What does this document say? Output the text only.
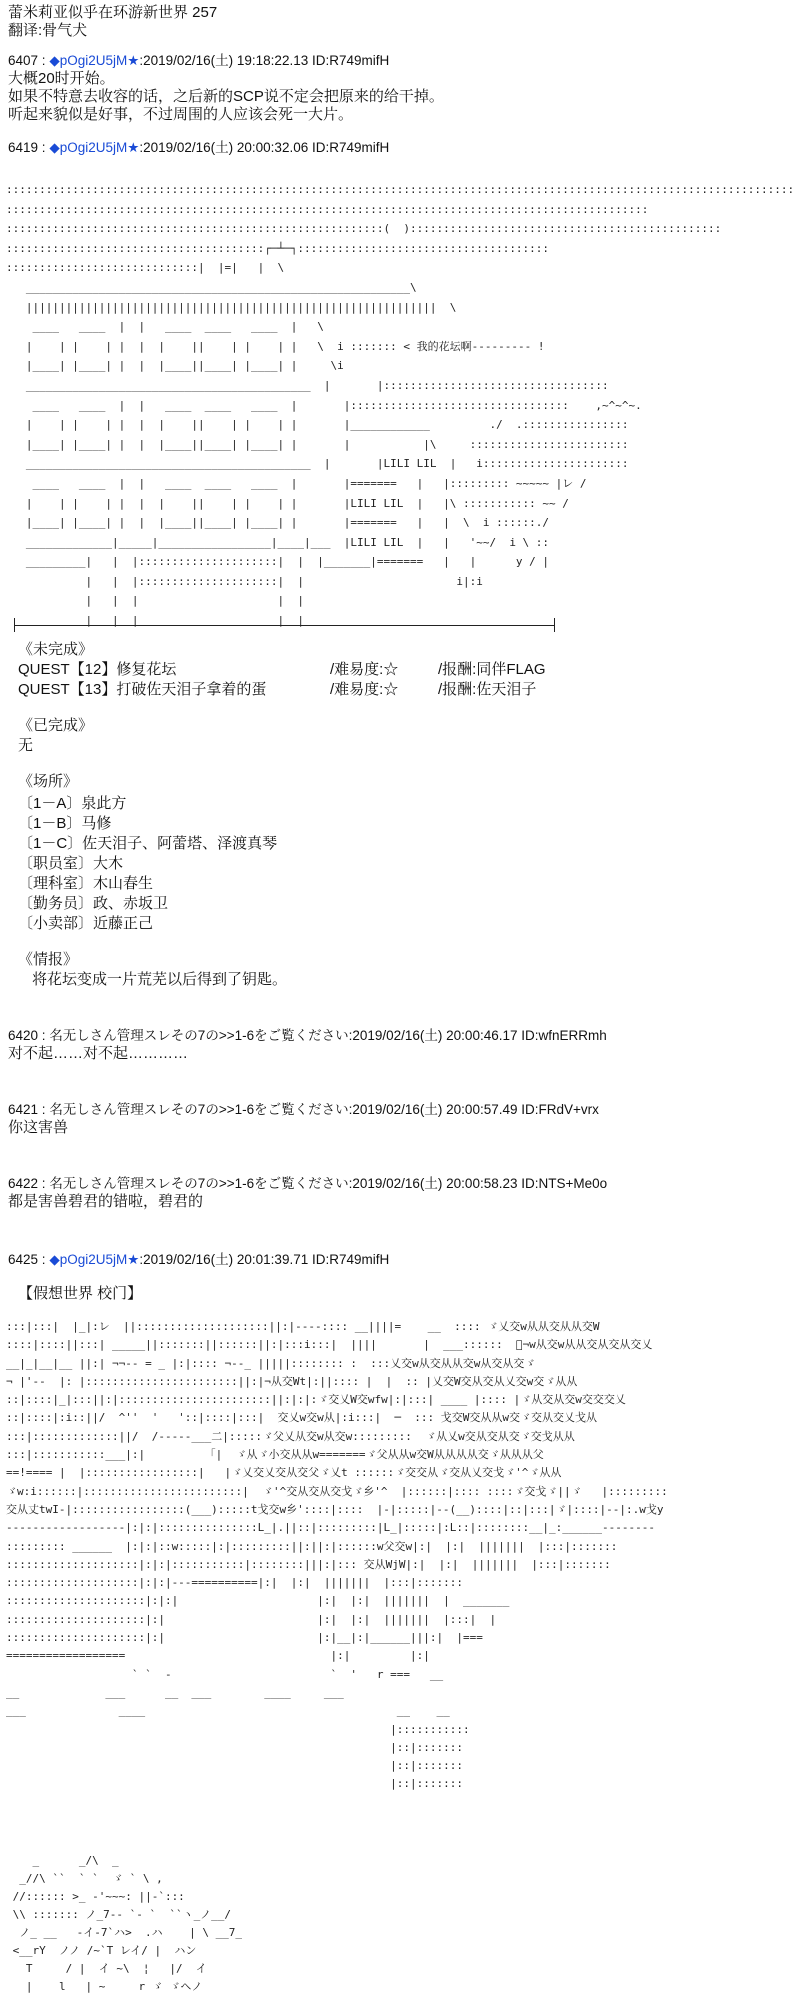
蕾米莉亚似乎在环游新世界 257
翻译:骨气犬
6407 : ◆pOgi2U5jM★:2019/02/16(土) 19:18:22.13 ID:R749mifH
大概20时开始。
如果不特意去收容的话，之后新的SCP说不定会把原来的给干掉。
听起来貌似是好事，不过周围的人应该会死一大片。
6419 : ◆pOgi2U5jM★:2019/02/16(土) 20:00:32.06 ID:R749mifH
:::::::::::::::::::::::::::::::::::::::::::::::::::::::::::::::::::::::::::::::::::::::::::::::::::::::::::::::::::::::
:::::::::::::::::::::::::::::::::::::::::::::::::::::::::::::::::::::::::::::::::::::::::::::::::
:::::::::::::::::::::::::::::::::::::::::::::::::::::::::(  ):::::::::::::::::::::::::::::::::::::::::::::::
:::::::::::::::::::::::::::::::::::::::┌─┴─┐::::::::::::::::::::::::::::::::::::::
:::::::::::::::::::::::::::::|  |=|   |  \
__________________________________________________________\
||||||||||||||||||||||||||||||||||||||||||||||||||||||||||||||  \
____   ____  |  |   ____  ____   ____  |   \
|    | |    | |  |  |    ||    | |    | |   \  i ::::::: < 我的花坛啊--------- !
|____| |____| |  |  |____||____| |____| |     \i
___________________________________________  |       |::::::::::::::::::::::::::::::::::
____   ____  |  |   ____  ____   ____  |       |:::::::::::::::::::::::::::::::::    ,~^~^~.
|    | |    | |  |  |    ||    | |    | |       |____________         ./  .::::::::::::::::
|____| |____| |  |  |____||____| |____| |       |           |\     ::::::::::::::::::::::::
___________________________________________  |       |LILI LIL  |   i::::::::::::::::::::::
____   ____  |  |   ____  ____   ____  |       |=======   |   |::::::::: ~~~~~ |レ /
|    | |    | |  |  |    ||    | |    | |       |LILI LIL  |   |\ ::::::::::: ~~ /
|____| |____| |  |  |____||____| |____| |       |=======   |   |  \  i ::::::./
_____________|_____|_________________|____|___  |LILI LIL  |   |   '~~/  i \ ::
_________|   |  |:::::::::::::::::::::|  |  |_______|=======   |   |      y / |
|   |  |:::::::::::::::::::::|  |                       i|:i
|   |  |                     |  |
|   |  |                     |  |
《未完成》
QUEST【12】修复花坛	/难易度:☆	/报酬:同伴FLAG
QUEST【13】打破佐天泪子拿着的蛋	/难易度:☆	/报酬:佐天泪子
《已完成》
无
《场所》
〔1－A〕泉此方
〔1－B〕马修
〔1－C〕佐天泪子、阿蕾塔、泽渡真琴
〔职员室〕大木
〔理科室〕木山春生
〔勤务员〕政、赤坂卫
〔小卖部〕近藤正己
《情报》
将花坛变成一片荒芜以后得到了钥匙。
6420 : 名无しさん管理スレその7の>>1-6をご覧ください:2019/02/16(土) 20:00:46.17 ID:wfnERRmh
对不起……对不起…………
6421 : 名无しさん管理スレその7の>>1-6をご覧ください:2019/02/16(土) 20:00:57.49 ID:FRdV+vrx
你这害兽
6422 : 名无しさん管理スレその7の>>1-6をご覧ください:2019/02/16(土) 20:00:58.23 ID:NTS+Me0o
都是害兽碧君的错啦，碧君的
6425 : ◆pOgi2U5jM★:2019/02/16(土) 20:01:39.71 ID:R749mifH
【假想世界 校门】
:::|:::|  |_|:レ  ||::::::::::::::::::::||:|----:::: __||||=    __  :::: ゞ乂交w从从交从从交W
::::|::::||:::| _____||:::::::||::::::||:|:::i:::|  ||||       |  ___::::::  ゚¬w从交w从从交从交从交乂
__|_|__|__ ||:| ¬¬-- = _ |:|:::: ¬--_ |||||:::::::: :  :::乂交w从交从从交w从交从交ゞ
¬ |'--  |: |:::::::::::::::::::::::||:|¬从交Wt|:||:::: |  |  :: |乂交W交从交从乂交w交ゞ从从
::|::::|_|:::||:|:::::::::::::::::::::::||:|:|:ゞ交乂W交wfw|:|:::| ____ |:::: |ゞ从交从交w交交交乂
::|::::|:i::||/  ^''  '   '::|::::|:::|  交乂w交w从|:i:::|  ─  ::: 戈交W交从从w交ゞ交从交乂戈从
:::|:::::::::::::||/  /-----___二|:::::ゞ父乂从交w从交w:::::::::  ゞ从乂w交从交从交ゞ交戈从从
:::|:::::::::::___|:|         「|  ゞ从ゞ小交从从w=======ゞ父从从w交W从从从从交ゞ从从从父
==!==== |  |:::::::::::::::::|   |ゞ乂交乂交从交父ゞ乂t ::::::ゞ交交从ゞ交从乂交戈ゞ'^ゞ从从
ゞw:i::::::|::::::::::::::::::::::::|  ゞ'^交从交从交戈ゞ乡'^  |::::::|:::: ::::ゞ交戈ゞ||ゞ   |:::::::::
交从丈twI-|:::::::::::::::::(___):::::t戈交w乡'::::|::::  |-|:::::|--(__)::::|::|:::|ゞ|::::|--|:.w戈y
------------------|:|:|:::::::::::::::L_|.||::|:::::::::|L_|:::::|:L::|::::::::__|_:______--------
::::::::: ______  |:|:|::w:::::|:|:::::::::||:||:|::::::w父交w|:|  |:|  |||||||  |:::|:::::::
::::::::::::::::::::|:|:|:::::::::::|::::::::|||:|::: 交从WjW|:|  |:|  |||||||  |:::|:::::::
::::::::::::::::::::|:|:|---==========|:|  |:|  |||||||  |:::|:::::::
:::::::::::::::::::::|:|:|                     |:|  |:|  |||||||  |  _______
:::::::::::::::::::::|:|                       |:|  |:|  |||||||  |:::|  |
:::::::::::::::::::::|:|                       |:|__|:|______|||:|  |===
==================                               |:|         |:|
` `  -                        `  '   r ===   __
__             ___      __  ___        ____     ___
___              ____                                      __    __
|:::::::::::
|::|:::::::
|::|:::::::
|::|:::::::
_      _/\  _
_//\ ``  ` `  ゞ ` \ ,
//:::::: >_ -'~~~: ||-`:::
\\ ::::::: ノ_7-- `- `  ``ヽ_ノ__/
ノ_ __   -イ-7`ハ>  .ハ    | \ __7_
<__rY  ノノ /~`T レイ/ |  ハン
T     / |  イ ~\  ¦   |/  イ
|    l   | ~     r ゞ ゞヘノ
